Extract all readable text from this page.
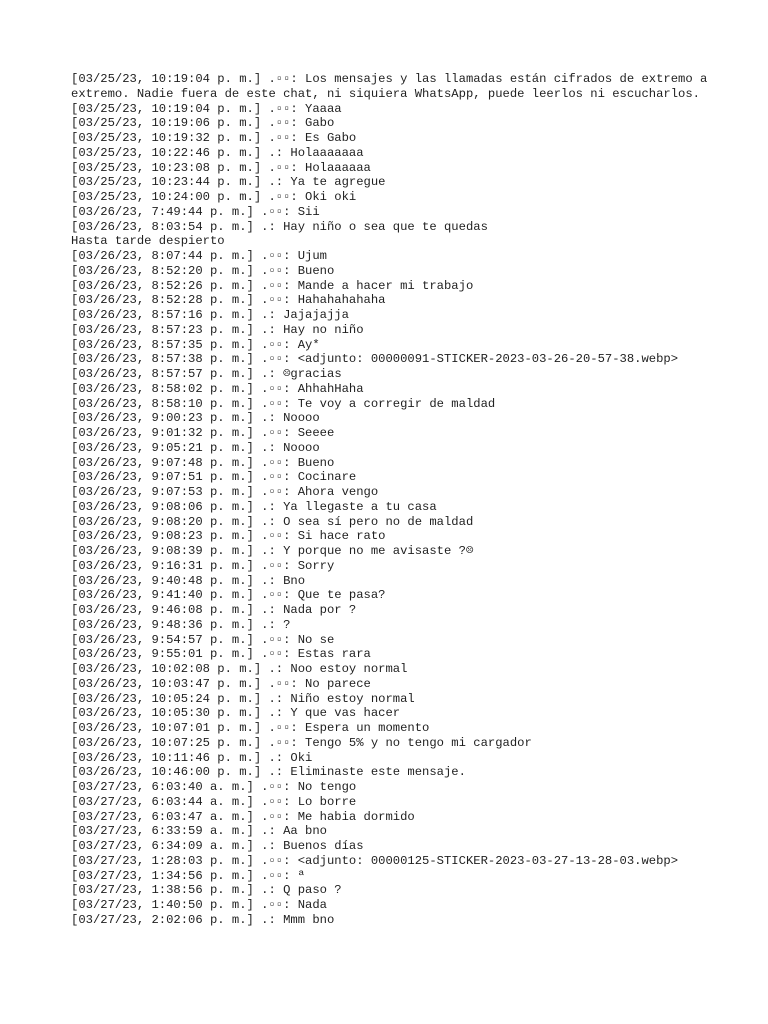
[03/25/23, 10:19:04 p. m.] .▫▫: Los mensajes y las llamadas están cifrados de extremo a extremo. Nadie fuera de este chat, ni siquiera WhatsApp, puede leerlos ni escucharlos.
[03/25/23, 10:19:04 p. m.] .▫▫: Yaaaa
[03/25/23, 10:19:06 p. m.] .▫▫: Gabo
[03/25/23, 10:19:32 p. m.] .▫▫: Es Gabo
[03/25/23, 10:22:46 p. m.] .: Holaaaaaaa
[03/25/23, 10:23:08 p. m.] .▫▫: Holaaaaaa
[03/25/23, 10:23:44 p. m.] .: Ya te agregue
[03/25/23, 10:24:00 p. m.] .▫▫: Oki oki
[03/26/23, 7:49:44 p. m.] .▫▫: Sii
[03/26/23, 8:03:54 p. m.] .: Hay niño o sea que te quedas
Hasta tarde despierto
[03/26/23, 8:07:44 p. m.] .▫▫: Ujum
[03/26/23, 8:52:20 p. m.] .▫▫: Bueno
[03/26/23, 8:52:26 p. m.] .▫▫: Mande a hacer mi trabajo
[03/26/23, 8:52:28 p. m.] .▫▫: Hahahahahaha
[03/26/23, 8:57:16 p. m.] .: Jajajajja
[03/26/23, 8:57:23 p. m.] .: Hay no niño
[03/26/23, 8:57:35 p. m.] .▫▫: Ay*
[03/26/23, 8:57:38 p. m.] .▫▫: <adjunto: 00000091-STICKER-2023-03-26-20-57-38.webp>
[03/26/23, 8:57:57 p. m.] .: ☹gracias
[03/26/23, 8:58:02 p. m.] .▫▫: AhhahHaha
[03/26/23, 8:58:10 p. m.] .▫▫: Te voy a corregir de maldad
[03/26/23, 9:00:23 p. m.] .: Noooo
[03/26/23, 9:01:32 p. m.] .▫▫: Seeee
[03/26/23, 9:05:21 p. m.] .: Noooo
[03/26/23, 9:07:48 p. m.] .▫▫: Bueno
[03/26/23, 9:07:51 p. m.] .▫▫: Cocinare
[03/26/23, 9:07:53 p. m.] .▫▫: Ahora vengo
[03/26/23, 9:08:06 p. m.] .: Ya llegaste a tu casa
[03/26/23, 9:08:20 p. m.] .: O sea sí pero no de maldad
[03/26/23, 9:08:23 p. m.] .▫▫: Si hace rato
[03/26/23, 9:08:39 p. m.] .: Y porque no me avisaste ?☹
[03/26/23, 9:16:31 p. m.] .▫▫: Sorry
[03/26/23, 9:40:48 p. m.] .: Bno
[03/26/23, 9:41:40 p. m.] .▫▫: Que te pasa?
[03/26/23, 9:46:08 p. m.] .: Nada por ?
[03/26/23, 9:48:36 p. m.] .: ?
[03/26/23, 9:54:57 p. m.] .▫▫: No se
[03/26/23, 9:55:01 p. m.] .▫▫: Estas rara
[03/26/23, 10:02:08 p. m.] .: Noo estoy normal
[03/26/23, 10:03:47 p. m.] .▫▫: No parece
[03/26/23, 10:05:24 p. m.] .: Niño estoy normal
[03/26/23, 10:05:30 p. m.] .: Y que vas hacer
[03/26/23, 10:07:01 p. m.] .▫▫: Espera un momento
[03/26/23, 10:07:25 p. m.] .▫▫: Tengo 5% y no tengo mi cargador
[03/26/23, 10:11:46 p. m.] .: Oki
[03/26/23, 10:46:00 p. m.] .: Eliminaste este mensaje.
[03/27/23, 6:03:40 a. m.] .▫▫: No tengo
[03/27/23, 6:03:44 a. m.] .▫▫: Lo borre
[03/27/23, 6:03:47 a. m.] .▫▫: Me habia dormido
[03/27/23, 6:33:59 a. m.] .: Aa bno
[03/27/23, 6:34:09 a. m.] .: Buenos días
[03/27/23, 1:28:03 p. m.] .▫▫: <adjunto: 00000125-STICKER-2023-03-27-13-28-03.webp>
[03/27/23, 1:34:56 p. m.] .▫▫: ª
[03/27/23, 1:38:56 p. m.] .: Q paso ?
[03/27/23, 1:40:50 p. m.] .▫▫: Nada
[03/27/23, 2:02:06 p. m.] .: Mmm bno
